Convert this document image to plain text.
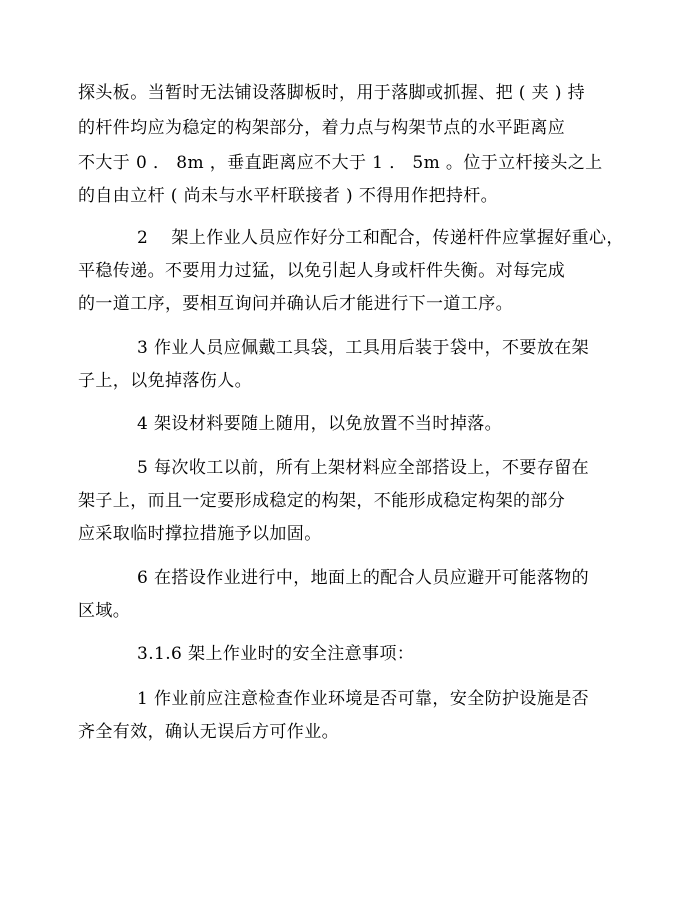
探头板。当暂时无法铺设落脚板时，用于落脚或抓握、把 ( 夹 ) 持
的杆件均应为稳定的构架部分，着力点与构架节点的水平距离应
不大于 0 ． 8m ，垂直距离应不大于 1 ． 5m 。位于立杆接头之上
的自由立杆 ( 尚未与水平杆联接者 ) 不得用作把持杆。
2　 架上作业人员应作好分工和配合，传递杆件应掌握好重心，
平稳传递。不要用力过猛，以免引起人身或杆件失衡。对每完成
的一道工序，要相互询问并确认后才能进行下一道工序。
3 作业人员应佩戴工具袋，工具用后装于袋中，不要放在架
子上，以免掉落伤人。
4 架设材料要随上随用，以免放置不当时掉落。
5 每次收工以前，所有上架材料应全部搭设上，不要存留在
架子上，而且一定要形成稳定的构架，不能形成稳定构架的部分
应采取临时撑拉措施予以加固。
6 在搭设作业进行中，地面上的配合人员应避开可能落物的
区域。
3.1.6 架上作业时的安全注意事项：
1 作业前应注意检查作业环境是否可靠，安全防护设施是否
齐全有效，确认无误后方可作业。
